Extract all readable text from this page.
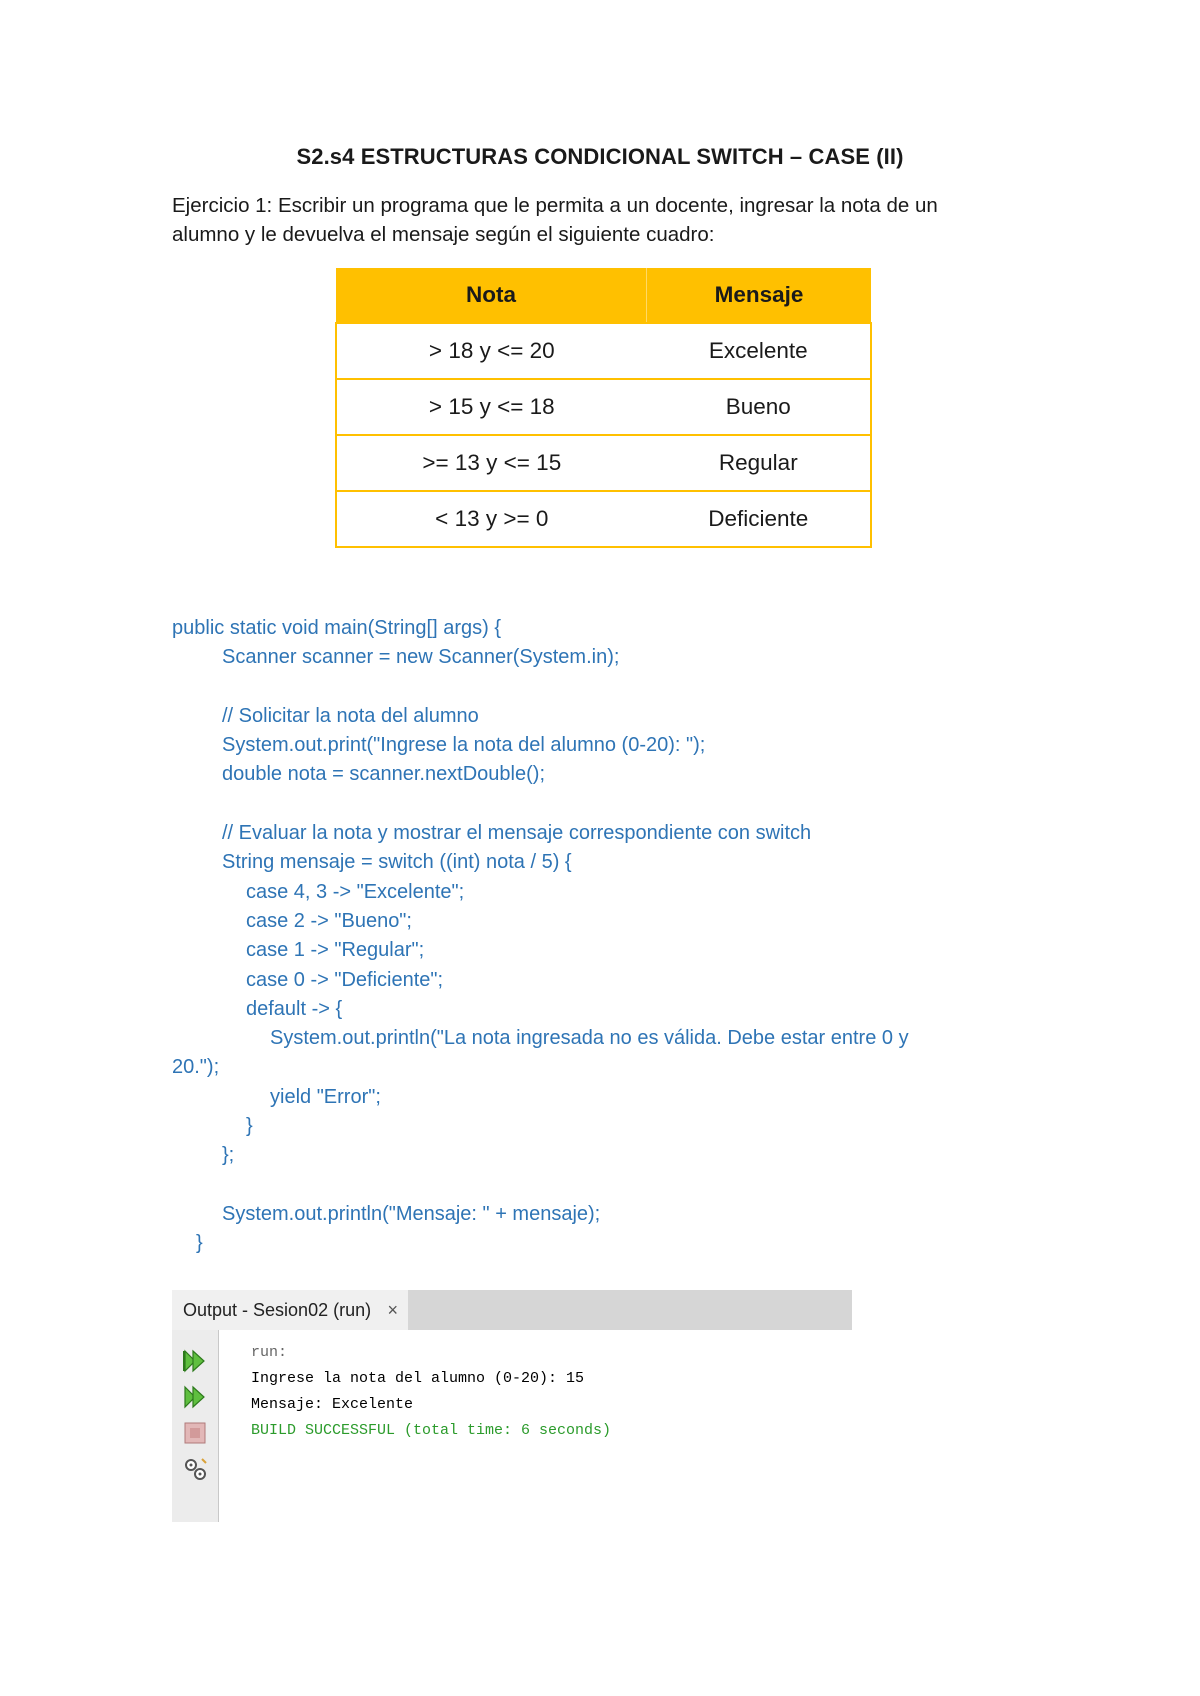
S2.s4 ESTRUCTURAS CONDICIONAL SWITCH – CASE (II)
Ejercicio 1: Escribir un programa que le permita a un docente, ingresar la nota de un
alumno y le devuelva el mensaje según el siguiente cuadro:
Nota	Mensaje
> 18 y <= 20	Excelente
> 15 y <= 18	Bueno
>= 13 y <= 15	Regular
< 13 y >= 0	Deficiente
public static void main(String[] args) {
Scanner scanner = new Scanner(System.in);
// Solicitar la nota del alumno
System.out.print("Ingrese la nota del alumno (0-20): ");
double nota = scanner.nextDouble();
// Evaluar la nota y mostrar el mensaje correspondiente con switch
String mensaje = switch ((int) nota / 5) {
case 4, 3 -> "Excelente";
case 2 -> "Bueno";
case 1 -> "Regular";
case 0 -> "Deficiente";
default -> {
System.out.println("La nota ingresada no es válida. Debe estar entre 0 y
20.");
yield "Error";
}
};
System.out.println("Mensaje: " + mensaje);
}
Output - Sesion02 (run) ×
run:
Ingrese la nota del alumno (0-20): 15
Mensaje: Excelente
BUILD SUCCESSFUL (total time: 6 seconds)
